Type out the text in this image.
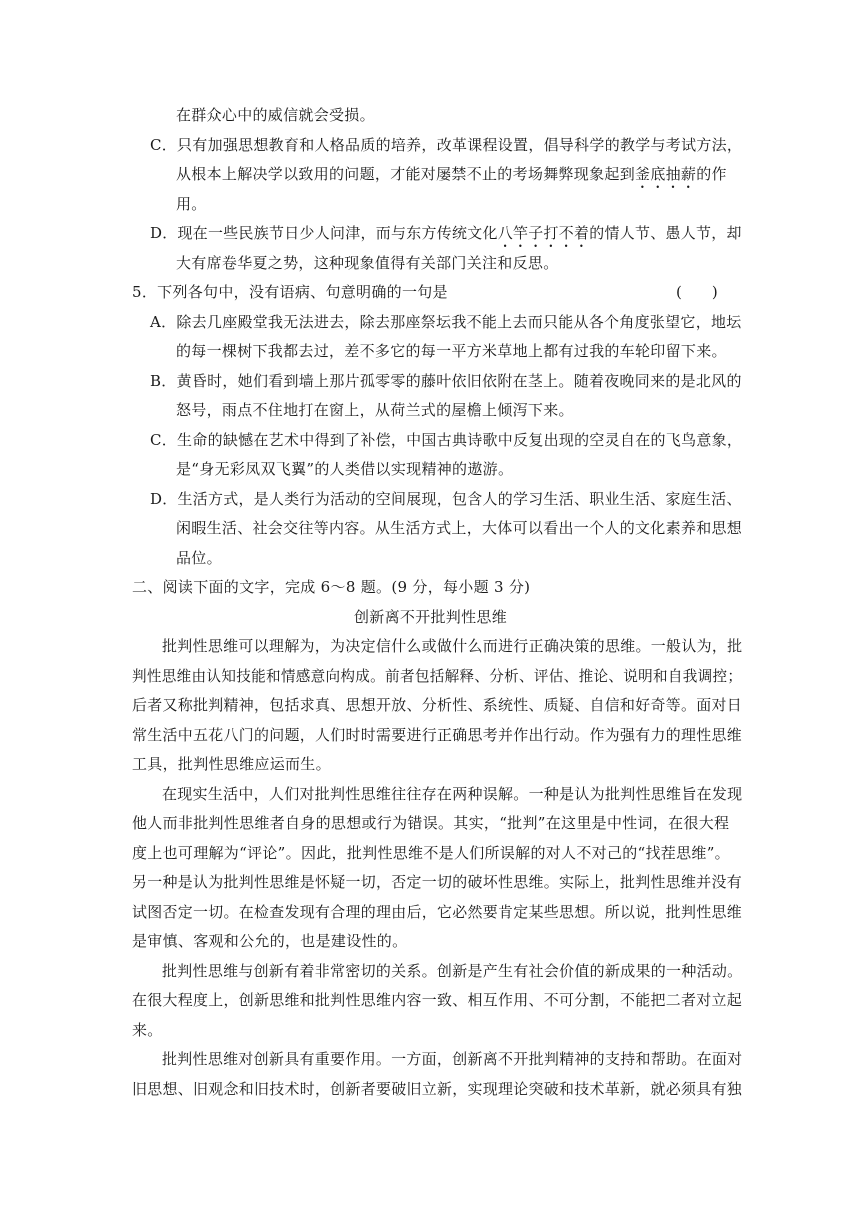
在群众心中的威信就会受损。
C．只有加强思想教育和人格品质的培养，改革课程设置，倡导科学的教学与考试方法，
从根本上解决学以致用的问题，才能对屡禁不止的考场舞弊现象起到釜底抽薪的作
用。
D．现在一些民族节日少人问津，而与东方传统文化八竿子打不着的情人节、愚人节，却
大有席卷华夏之势，这种现象值得有关部门关注和反思。
5．下列各句中，没有语病、句意明确的一句是	(　　)
A．除去几座殿堂我无法进去，除去那座祭坛我不能上去而只能从各个角度张望它，地坛
的每一棵树下我都去过，差不多它的每一平方米草地上都有过我的车轮印留下来。
B．黄昏时，她们看到墙上那片孤零零的藤叶依旧依附在茎上。随着夜晚同来的是北风的
怒号，雨点不住地打在窗上，从荷兰式的屋檐上倾泻下来。
C．生命的缺憾在艺术中得到了补偿，中国古典诗歌中反复出现的空灵自在的飞鸟意象，
是“身无彩凤双飞翼”的人类借以实现精神的遨游。
D．生活方式，是人类行为活动的空间展现，包含人的学习生活、职业生活、家庭生活、
闲暇生活、社会交往等内容。从生活方式上，大体可以看出一个人的文化素养和思想
品位。
二、阅读下面的文字，完成 6～8 题。(9 分，每小题 3 分)
创新离不开批判性思维
批判性思维可以理解为，为决定信什么或做什么而进行正确决策的思维。一般认为，批
判性思维由认知技能和情感意向构成。前者包括解释、分析、评估、推论、说明和自我调控；
后者又称批判精神，包括求真、思想开放、分析性、系统性、质疑、自信和好奇等。面对日
常生活中五花八门的问题，人们时时需要进行正确思考并作出行动。作为强有力的理性思维
工具，批判性思维应运而生。
在现实生活中，人们对批判性思维往往存在两种误解。一种是认为批判性思维旨在发现
他人而非批判性思维者自身的思想或行为错误。其实，“批判”在这里是中性词，在很大程
度上也可理解为“评论”。因此，批判性思维不是人们所误解的对人不对己的“找茬思维”。
另一种是认为批判性思维是怀疑一切，否定一切的破坏性思维。实际上，批判性思维并没有
试图否定一切。在检查发现有合理的理由后，它必然要肯定某些思想。所以说，批判性思维
是审慎、客观和公允的，也是建设性的。
批判性思维与创新有着非常密切的关系。创新是产生有社会价值的新成果的一种活动。
在很大程度上，创新思维和批判性思维内容一致、相互作用、不可分割，不能把二者对立起
来。
批判性思维对创新具有重要作用。一方面，创新离不开批判精神的支持和帮助。在面对
旧思想、旧观念和旧技术时，创新者要破旧立新，实现理论突破和技术革新，就必须具有独
